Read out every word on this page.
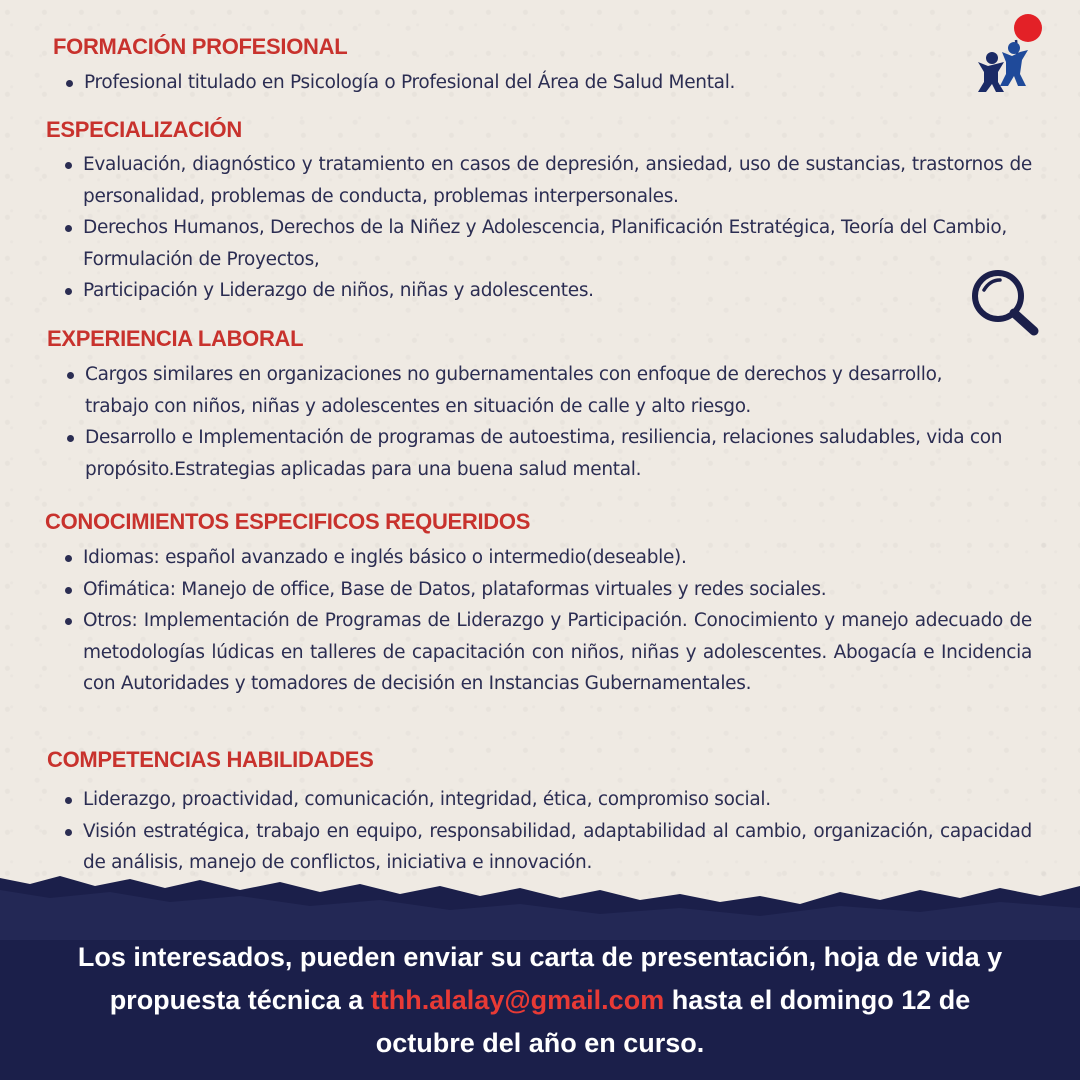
FORMACIÓN PROFESIONAL
Profesional titulado en Psicología o Profesional del Área de Salud Mental.
ESPECIALIZACIÓN
Evaluación, diagnóstico y tratamiento en casos de depresión, ansiedad, uso de sustancias, trastornos de personalidad, problemas de conducta, problemas interpersonales.
Derechos Humanos, Derechos de la Niñez y Adolescencia, Planificación Estratégica, Teoría del Cambio, Formulación de Proyectos,
Participación y Liderazgo de niños, niñas y adolescentes.
EXPERIENCIA LABORAL
Cargos similares en organizaciones no gubernamentales con enfoque de derechos y desarrollo, trabajo con niños, niñas y adolescentes en situación de calle y alto riesgo.
Desarrollo e Implementación de programas de autoestima, resiliencia, relaciones saludables, vida con propósito.Estrategias aplicadas para una buena salud mental.
CONOCIMIENTOS ESPECIFICOS REQUERIDOS
Idiomas: español avanzado e inglés básico o intermedio(deseable).
Ofimática: Manejo de office, Base de Datos, plataformas virtuales y redes sociales.
Otros: Implementación de Programas de Liderazgo y Participación. Conocimiento y manejo adecuado de metodologías lúdicas en talleres de capacitación con niños, niñas y adolescentes. Abogacía e Incidencia con Autoridades y tomadores de decisión en Instancias Gubernamentales.
COMPETENCIAS HABILIDADES
Liderazgo, proactividad, comunicación, integridad, ética, compromiso social.
Visión estratégica, trabajo en equipo, responsabilidad, adaptabilidad al cambio, organización, capacidad de análisis, manejo de conflictos, iniciativa e innovación.
Los interesados, pueden enviar su carta de presentación, hoja de vida y propuesta técnica a tthh.alalay@gmail.com hasta el domingo 12 de octubre del año en curso.
